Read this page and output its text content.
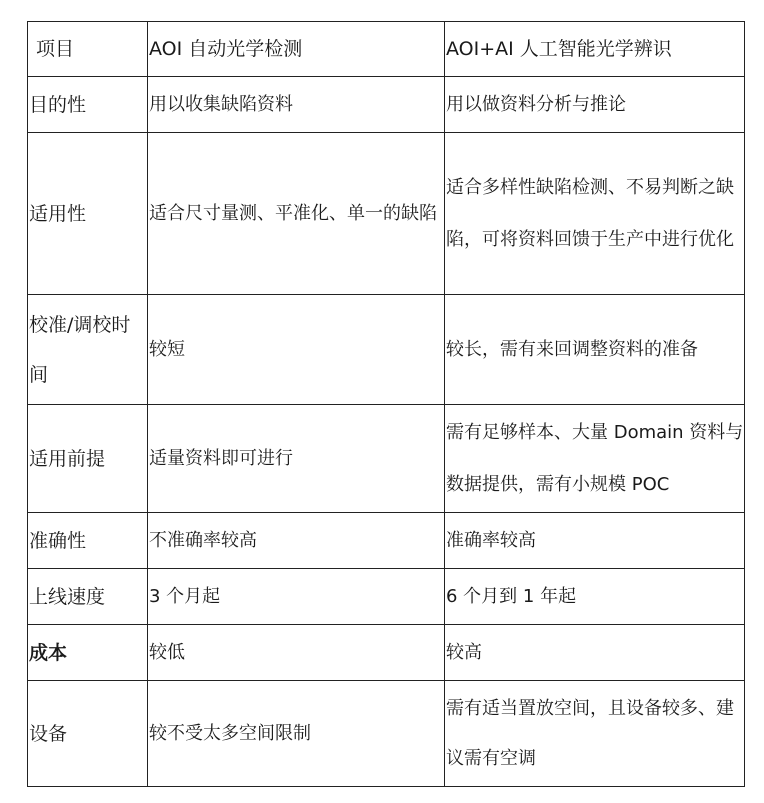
项目	AOI 自动光学检测	AOI+AI 人工智能光学辨识
目的性	用以收集缺陷资料	用以做资料分析与推论
适用性	适合尺寸量测、平准化、单一的缺陷	适合多样性缺陷检测、不易判断之缺陷，可将资料回馈于生产中进行优化
校准/调校时间	较短	较长，需有来回调整资料的准备
适用前提	适量资料即可进行	需有足够样本、大量 Domain 资料与数据提供，需有小规模 POC
准确性	不准确率较高	准确率较高
上线速度	3 个月起	6 个月到 1 年起
成本	较低	较高
设备	较不受太多空间限制	需有适当置放空间，且设备较多、建议需有空调
